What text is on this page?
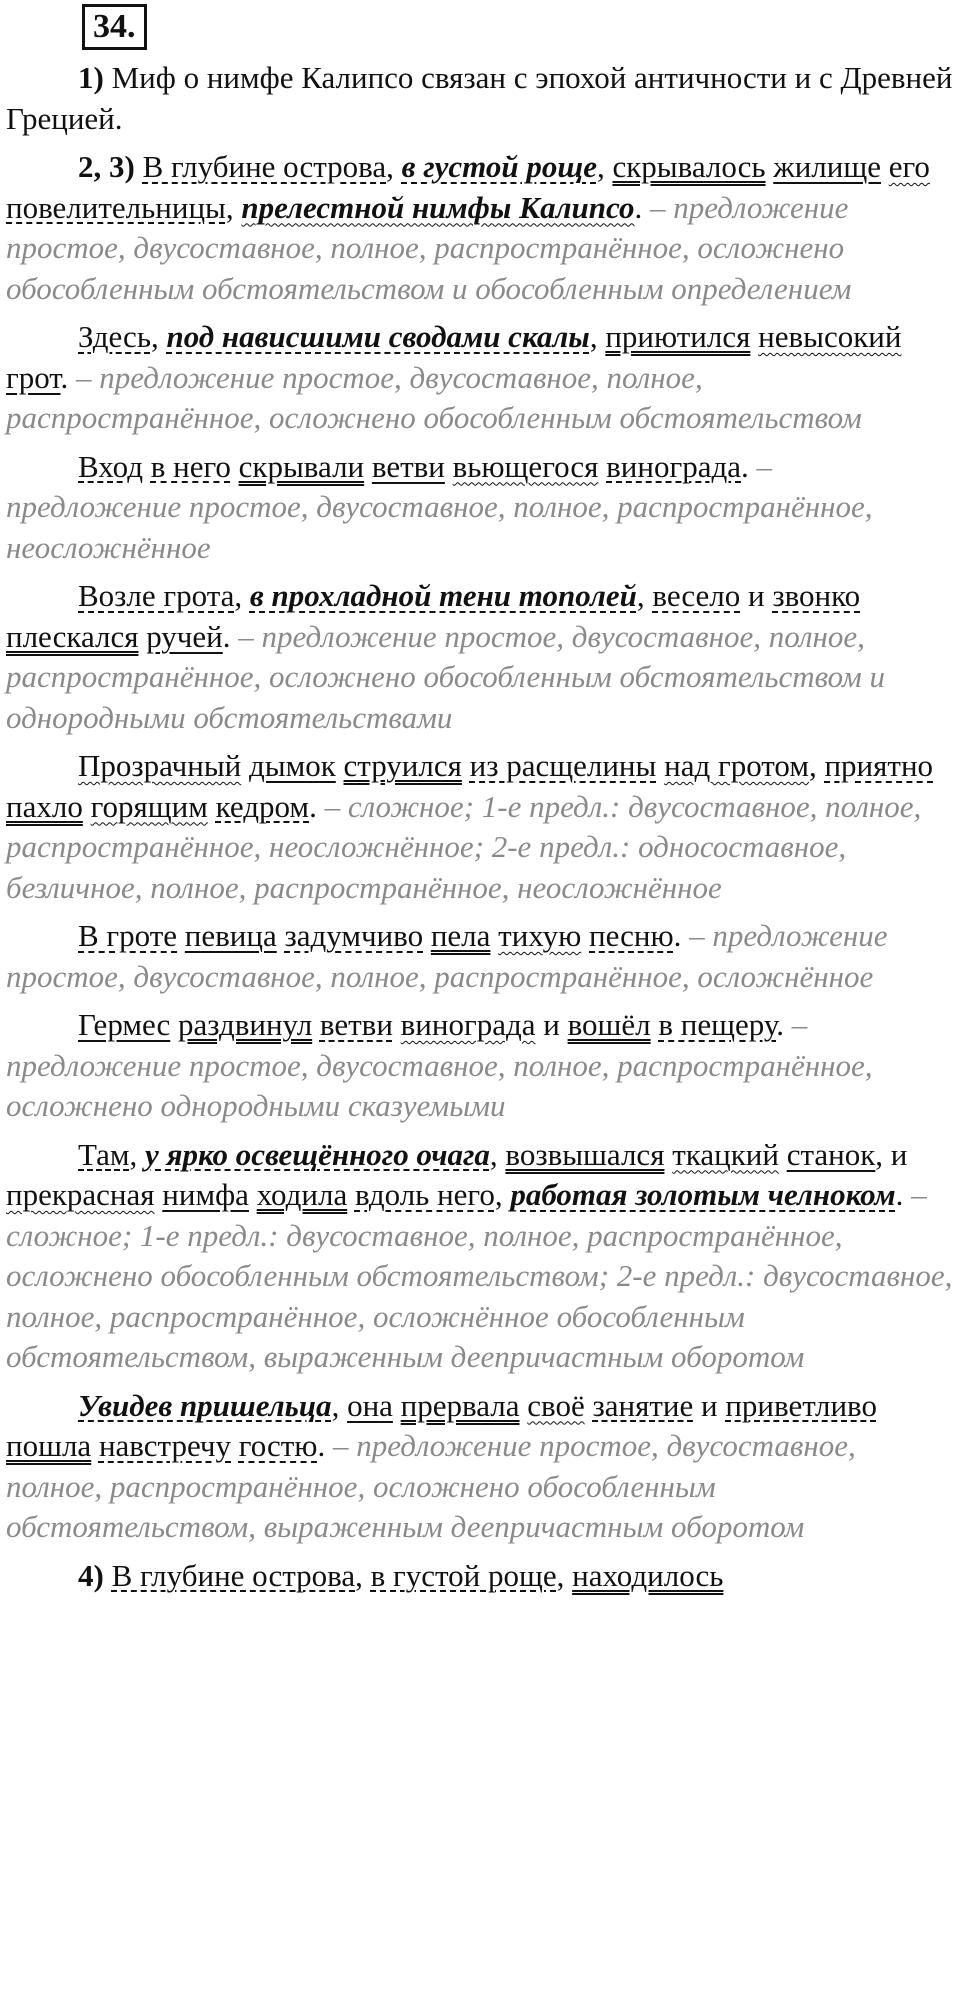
34.

1) Миф о нимфе Калипсо связан с эпохой античности и с Древней Грецией.

2, 3) В глубине острова, в густой роще, скрывалось жилище его повелительницы, прелестной нимфы Калипсо. – предложение простое, двусоставное, полное, распространённое, осложнено обособленным обстоятельством и обособленным определением

Здесь, под нависшими сводами скалы, приютился невысокий грот. – предложение простое, двусоставное, полное, распространённое, осложнено обособленным обстоятельством

Вход в него скрывали ветви вьющегося винограда. – предложение простое, двусоставное, полное, распространённое, неосложнённое

Возле грота, в прохладной тени тополей, весело и звонко плескался ручей. – предложение простое, двусоставное, полное, распространённое, осложнено обособленным обстоятельством и однородными обстоятельствами

Прозрачный дымок струился из расщелины над гротом, приятно пахло горящим кедром. – сложное; 1-е предл.: двусоставное, полное, распространённое, неосложнённое; 2-е предл.: односоставное, безличное, полное, распространённое, неосложнённое

В гроте певица задумчиво пела тихую песню. – предложение простое, двусоставное, полное, распространённое, осложнённое

Гермес раздвинул ветви винограда и вошёл в пещеру. – предложение простое, двусоставное, полное, распространённое, осложнено однородными сказуемыми

Там, у ярко освещённого очага, возвышался ткацкий станок, и прекрасная нимфа ходила вдоль него, работая золотым челноком. – сложное; 1-е предл.: двусоставное, полное, распространённое, осложнено обособленным обстоятельством; 2-е предл.: двусоставное, полное, распространённое, осложнённое обособленным обстоятельством, выраженным деепричастным оборотом

Увидев пришельца, она прервала своё занятие и приветливо пошла навстречу гостю. – предложение простое, двусоставное, полное, распространённое, осложнено обособленным обстоятельством, выраженным деепричастным оборотом

4) В глубине острова, в густой роще, находилось
